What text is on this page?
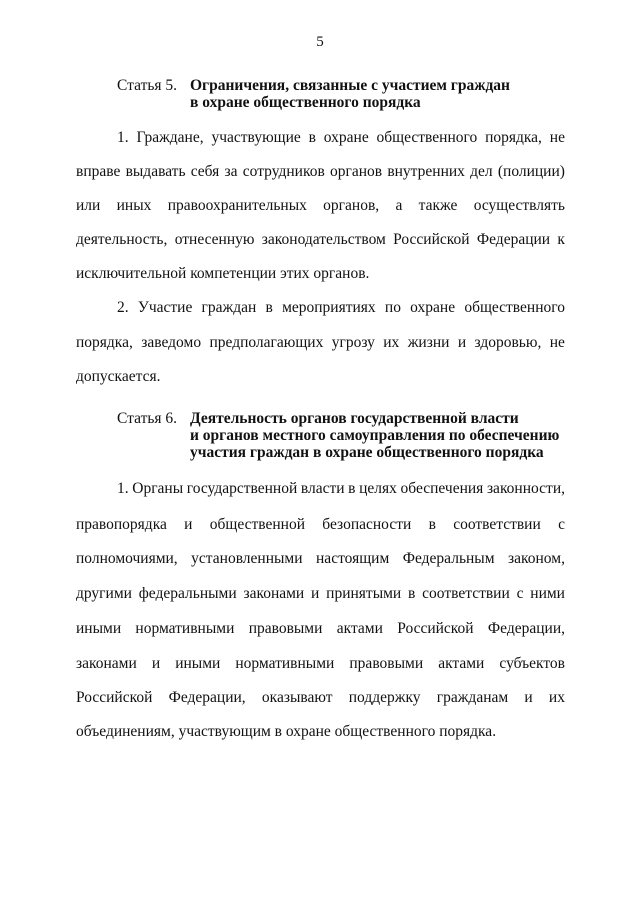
5
Статья 5. Ограничения, связанные с участием граждан
в охране общественного порядка
1. Граждане, участвующие в охране общественного порядка, не
вправе выдавать себя за сотрудников органов внутренних дел (полиции)
или иных правоохранительных органов, а также осуществлять
деятельность, отнесенную законодательством Российской Федерации к
исключительной компетенции этих органов.
2. Участие граждан в мероприятиях по охране общественного
порядка, заведомо предполагающих угрозу их жизни и здоровью, не
допускается.
Статья 6. Деятельность органов государственной власти
и органов местного самоуправления по обеспечению
участия граждан в охране общественного порядка
1. Органы государственной власти в целях обеспечения законности,
правопорядка и общественной безопасности в соответствии с
полномочиями, установленными настоящим Федеральным законом,
другими федеральными законами и принятыми в соответствии с ними
иными нормативными правовыми актами Российской Федерации,
законами и иными нормативными правовыми актами субъектов
Российской Федерации, оказывают поддержку гражданам и их
объединениям, участвующим в охране общественного порядка.
